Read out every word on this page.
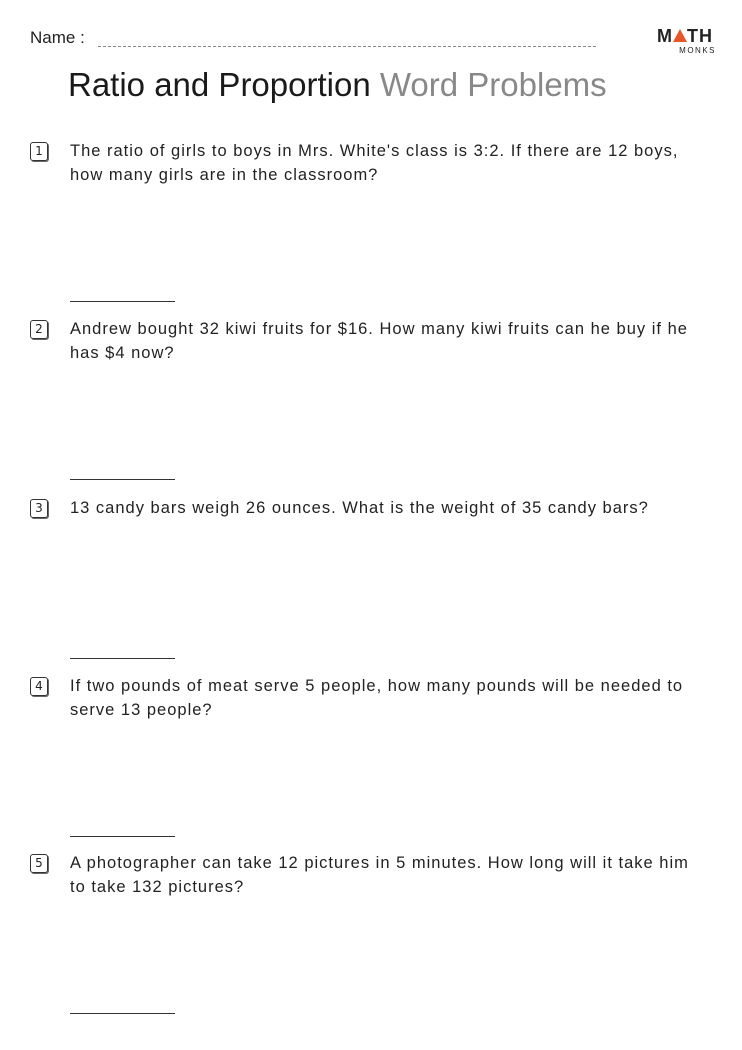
Name :	M TH
MONKS
Ratio and Proportion Word Problems
1	The ratio of girls to boys in Mrs. White's class is 3:2. If there are 12 boys, how many girls are in the classroom?
2	Andrew bought 32 kiwi fruits for $16. How many kiwi fruits can he buy if he has $4 now?
3	13 candy bars weigh 26 ounces. What is the weight of 35 candy bars?
4	If two pounds of meat serve 5 people, how many pounds will be needed to serve 13 people?
5	A photographer can take 12 pictures in 5 minutes. How long will it take him to take 132 pictures?
